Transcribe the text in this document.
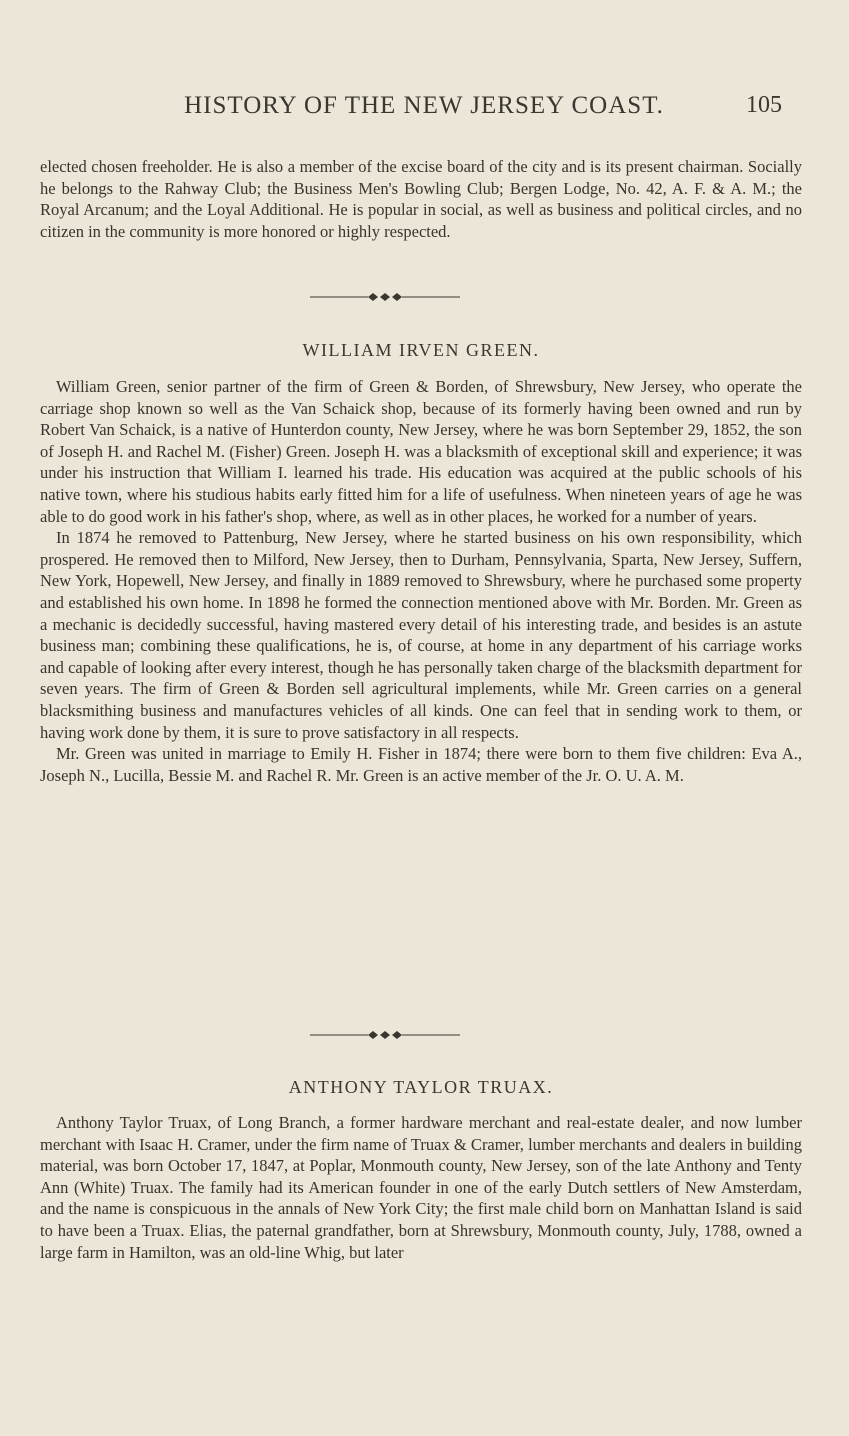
HISTORY OF THE NEW JERSEY COAST.	105

elected chosen freeholder. He is also a member of the excise board of the city and is its present chairman. Socially he belongs to the Rahway Club; the Business Men's Bowling Club; Bergen Lodge, No. 42, A. F. & A. M.; the Royal Arcanum; and the Loyal Additional. He is popular in social, as well as business and political circles, and no citizen in the community is more honored or highly respected.

WILLIAM IRVEN GREEN.

William Green, senior partner of the firm of Green & Borden, of Shrewsbury, New Jersey, who operate the carriage shop known so well as the Van Schaick shop, because of its formerly having been owned and run by Robert Van Schaick, is a native of Hunterdon county, New Jersey, where he was born September 29, 1852, the son of Joseph H. and Rachel M. (Fisher) Green. Joseph H. was a blacksmith of exceptional skill and experience; it was under his instruction that William I. learned his trade. His education was acquired at the public schools of his native town, where his studious habits early fitted him for a life of usefulness. When nineteen years of age he was able to do good work in his father's shop, where, as well as in other places, he worked for a number of years.

In 1874 he removed to Pattenburg, New Jersey, where he started business on his own responsibility, which prospered. He removed then to Milford, New Jersey, then to Durham, Pennsylvania, Sparta, New Jersey, Suffern, New York, Hopewell, New Jersey, and finally in 1889 removed to Shrewsbury, where he purchased some property and established his own home. In 1898 he formed the connection mentioned above with Mr. Borden. Mr. Green as a mechanic is decidedly successful, having mastered every detail of his interesting trade, and besides is an astute business man; combining these qualifications, he is, of course, at home in any department of his carriage works and capable of looking after every interest, though he has personally taken charge of the blacksmith department for seven years. The firm of Green & Borden sell agricultural implements, while Mr. Green carries on a general blacksmithing business and manufactures vehicles of all kinds. One can feel that in sending work to them, or having work done by them, it is sure to prove satisfactory in all respects.

Mr. Green was united in marriage to Emily H. Fisher in 1874; there were born to them five children: Eva A., Joseph N., Lucilla, Bessie M. and Rachel R. Mr. Green is an active member of the Jr. O. U. A. M.

ANTHONY TAYLOR TRUAX.

Anthony Taylor Truax, of Long Branch, a former hardware merchant and real-estate dealer, and now lumber merchant with Isaac H. Cramer, under the firm name of Truax & Cramer, lumber merchants and dealers in building material, was born October 17, 1847, at Poplar, Monmouth county, New Jersey, son of the late Anthony and Tenty Ann (White) Truax. The family had its American founder in one of the early Dutch settlers of New Amsterdam, and the name is conspicuous in the annals of New York City; the first male child born on Manhattan Island is said to have been a Truax. Elias, the paternal grandfather, born at Shrewsbury, Monmouth county, July, 1788, owned a large farm in Hamilton, was an old-line Whig, but later
